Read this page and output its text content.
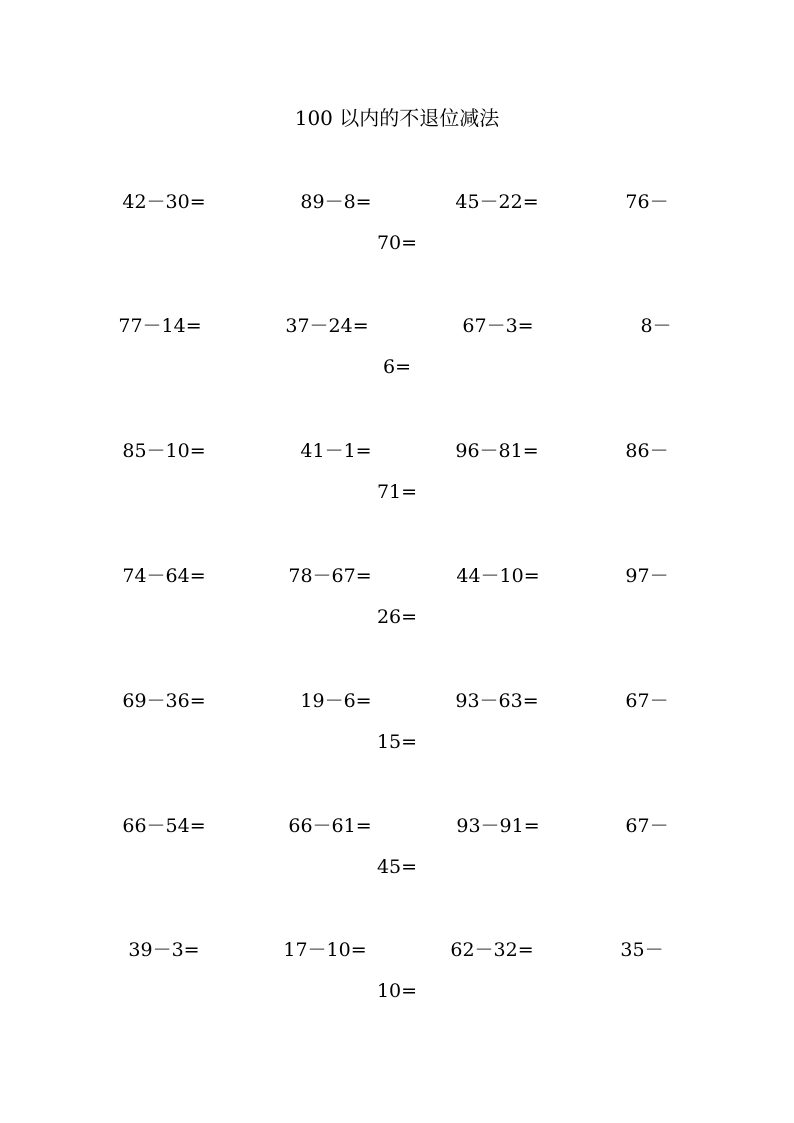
100 以内的不退位减法
42－30=	89－8=	45－22=	76－
70=
77－14=	37－24=	67－3=	8－
6=
85－10=	41－1=	96－81=	86－
71=
74－64=	78－67=	44－10=	97－
26=
69－36=	19－6=	93－63=	67－
15=
66－54=	66－61=	93－91=	67－
45=
39－3=	17－10=	62－32=	35－
10=
